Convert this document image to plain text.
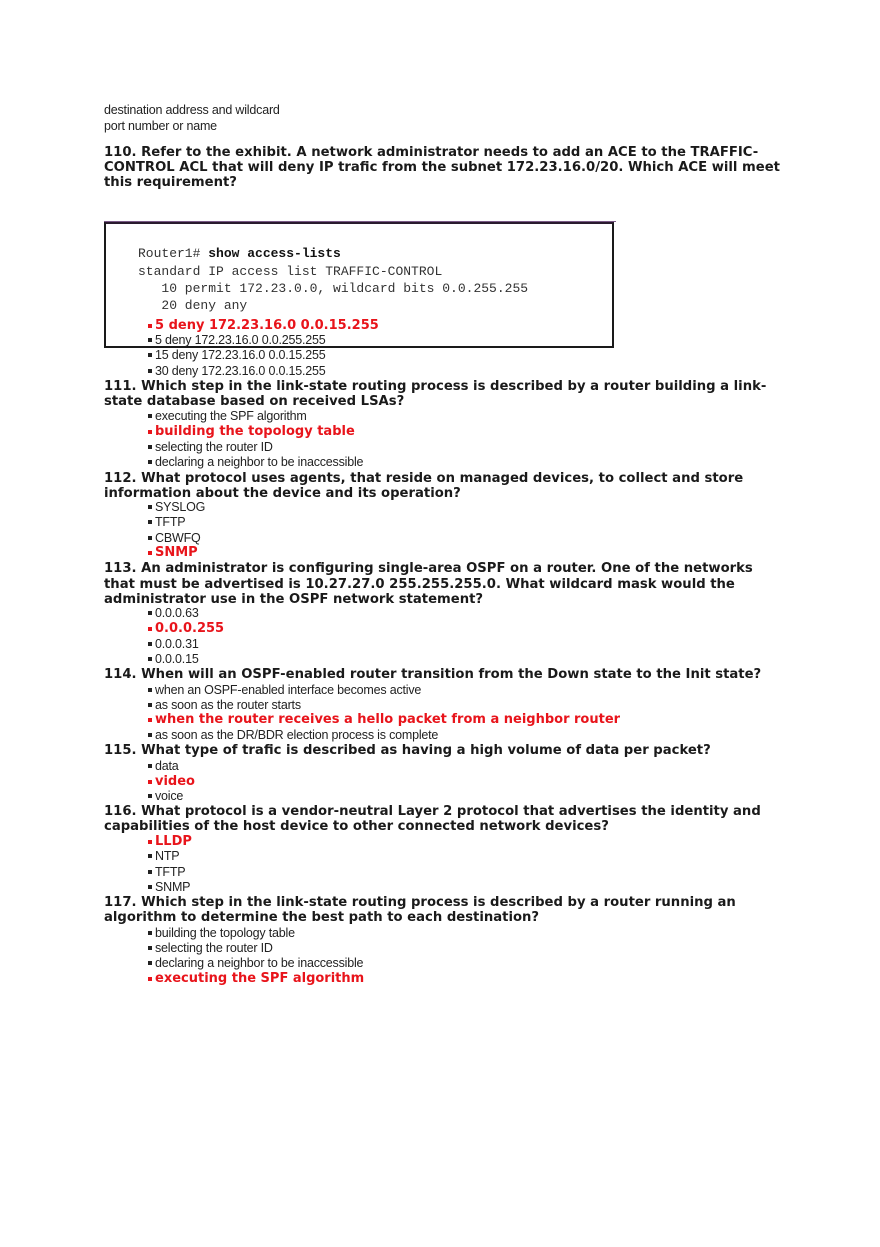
destination address and wildcard
port number or name
110. Refer to the exhibit. A network administrator needs to add an ACE to the TRAFFIC-CONTROL ACL that will deny IP traﬁc from the subnet 172.23.16.0/20. Which ACE will meet this requirement?
Router1# show access-lists
standard IP access list TRAFFIC-CONTROL
10 permit 172.23.0.0, wildcard bits 0.0.255.255
20 deny any
5 deny 172.23.16.0 0.0.15.255
5 deny 172.23.16.0 0.0.255.255
15 deny 172.23.16.0 0.0.15.255
30 deny 172.23.16.0 0.0.15.255
111. Which step in the link-state routing process is described by a router building a link-state database based on received LSAs?
executing the SPF algorithm
building the topology table
selecting the router ID
declaring a neighbor to be inaccessible
112. What protocol uses agents, that reside on managed devices, to collect and store information about the device and its operation?
SYSLOG
TFTP
CBWFQ
SNMP
113. An administrator is configuring single-area OSPF on a router. One of the networks that must be advertised is 10.27.27.0 255.255.255.0. What wildcard mask would the administrator use in the OSPF network statement?
0.0.0.63
0.0.0.255
0.0.0.31
0.0.0.15
114. When will an OSPF-enabled router transition from the Down state to the Init state?
when an OSPF-enabled interface becomes active
as soon as the router starts
when the router receives a hello packet from a neighbor router
as soon as the DR/BDR election process is complete
115. What type of traﬁc is described as having a high volume of data per packet?
data
video
voice
116. What protocol is a vendor-neutral Layer 2 protocol that advertises the identity and capabilities of the host device to other connected network devices?
LLDP
NTP
TFTP
SNMP
117. Which step in the link-state routing process is described by a router running an algorithm to determine the best path to each destination?
building the topology table
selecting the router ID
declaring a neighbor to be inaccessible
executing the SPF algorithm
